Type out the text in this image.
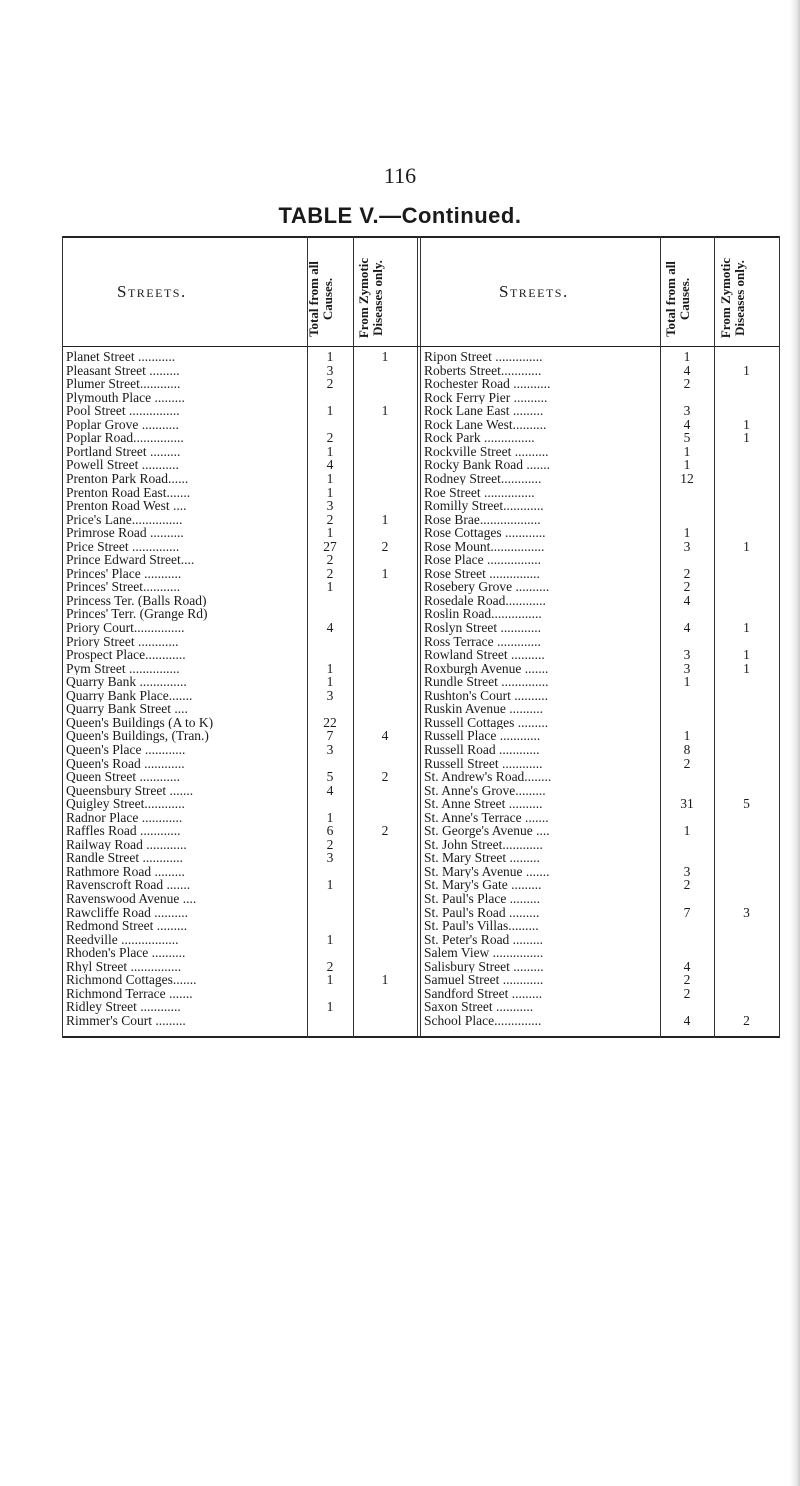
116
TABLE V.—Continued.
Streets.	Total from all Causes.	From Zymotic Diseases only.	Streets.	Total from all Causes.	From Zymotic Diseases only.
Planet Street ...........	1	1
Pleasant Street .........	3
Plumer Street............	2
Plymouth Place .........
Pool Street ...............	1	1
Poplar Grove ...........
Poplar Road...............	2
Portland Street .........	1
Powell Street ...........	4
Prenton Park Road......	1
Prenton Road East.......	1
Prenton Road West ....	3
Price's Lane...............	2	1
Primrose Road ..........	1
Price Street ..............	27	2
Prince Edward Street....	2
Princes' Place ...........	2	1
Princes' Street...........	1
Princess Ter. (Balls Road)
Princes' Terr. (Grange Rd)
Priory Court...............	4
Priory Street ............
Prospect Place............
Pym Street ...............	1
Quarry Bank ..............	1
Quarry Bank Place.......	3
Quarry Bank Street ....
Queen's Buildings (A to K)	22
Queen's Buildings, (Tran.)	7	4
Queen's Place ............	3
Queen's Road ............
Queen Street ............	5	2
Queensbury Street .......	4
Quigley Street............
Radnor Place ............	1
Raffles Road ............	6	2
Railway Road ............	2
Randle Street ............	3
Rathmore Road .........
Ravenscroft Road .......	1
Ravenswood Avenue ....
Rawcliffe Road ..........
Redmond Street .........
Reedville .................	1
Rhoden's Place ..........
Rhyl Street ...............	2
Richmond Cottages.......	1	1
Richmond Terrace .......
Ridley Street ............	1
Rimmer's Court .........
Ripon Street ..............	1
Roberts Street............	4	1
Rochester Road ...........	2
Rock Ferry Pier ..........
Rock Lane East .........	3
Rock Lane West..........	4	1
Rock Park ...............	5	1
Rockville Street ..........	1
Rocky Bank Road .......	1
Rodney Street............	12
Roe Street ...............
Romilly Street............
Rose Brae..................
Rose Cottages ............	1
Rose Mount................	3	1
Rose Place ................
Rose Street ...............	2
Rosebery Grove ..........	2
Rosedale Road............	4
Roslin Road...............
Roslyn Street ............	4	1
Ross Terrace .............
Rowland Street ..........	3	1
Roxburgh Avenue .......	3	1
Rundle Street ..............	1
Rushton's Court ..........
Ruskin Avenue ..........
Russell Cottages .........
Russell Place ............	1
Russell Road ............	8
Russell Street ............	2
St. Andrew's Road........
St. Anne's Grove.........
St. Anne Street ..........	31	5
St. Anne's Terrace .......
St. George's Avenue ....	1
St. John Street............
St. Mary Street .........
St. Mary's Avenue .......	3
St. Mary's Gate .........	2
St. Paul's Place .........
St. Paul's Road .........	7	3
St. Paul's Villas.........
St. Peter's Road .........
Salem View ...............
Salisbury Street .........	4
Samuel Street ............	2
Sandford Street .........	2
Saxon Street ...........
School Place..............	4	2
